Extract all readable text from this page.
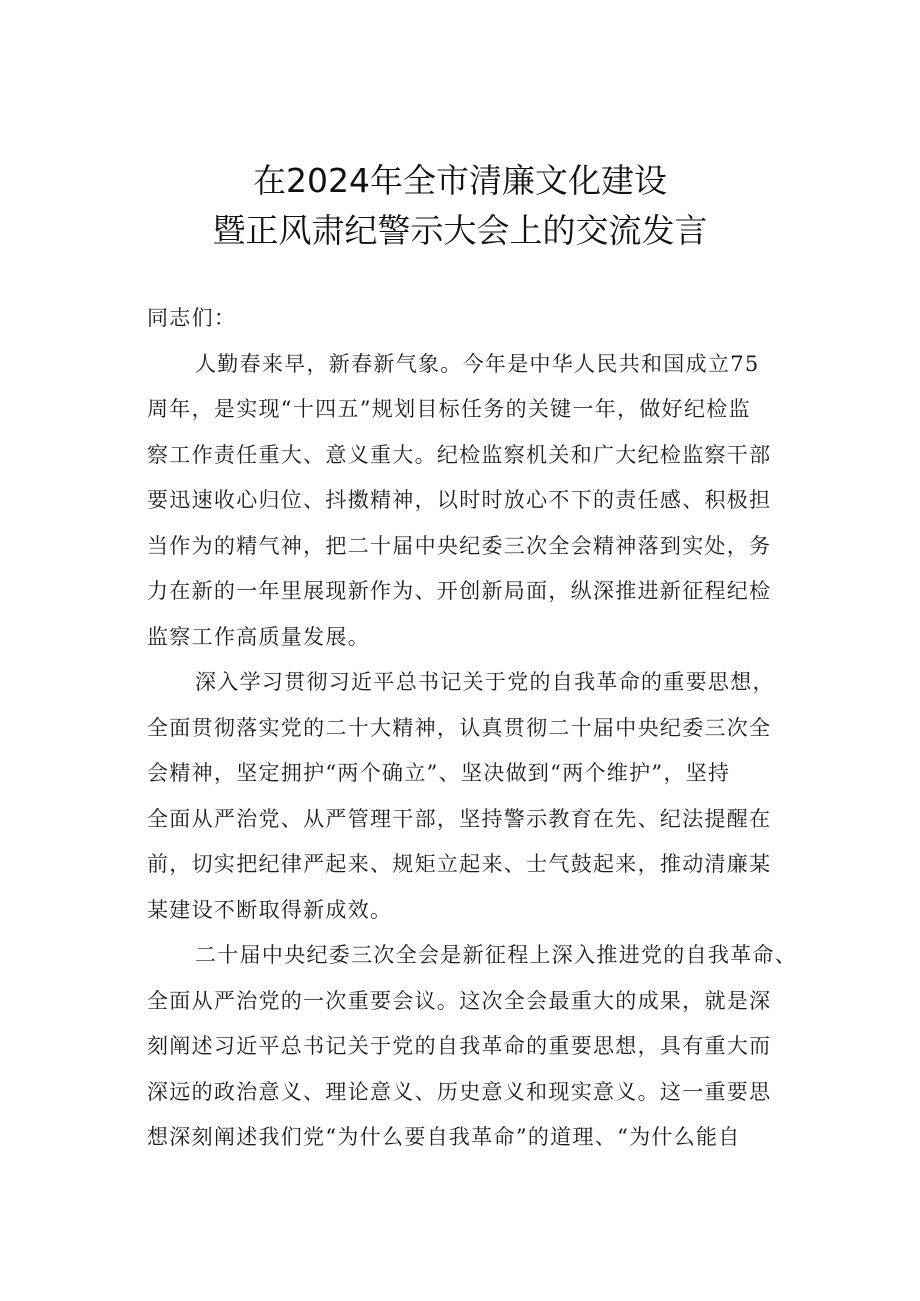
在2024年全市清廉文化建设
暨正风肃纪警示大会上的交流发言
同志们：
人勤春来早，新春新气象。今年是中华人民共和国成立75
周年，是实现“十四五”规划目标任务的关键一年，做好纪检监
察工作责任重大、意义重大。纪检监察机关和广大纪检监察干部
要迅速收心归位、抖擞精神，以时时放心不下的责任感、积极担
当作为的精气神，把二十届中央纪委三次全会精神落到实处，务
力在新的一年里展现新作为、开创新局面，纵深推进新征程纪检
监察工作高质量发展。
深入学习贯彻习近平总书记关于党的自我革命的重要思想，
全面贯彻落实党的二十大精神，认真贯彻二十届中央纪委三次全
会精神，坚定拥护“两个确立”、坚决做到“两个维护”，坚持
全面从严治党、从严管理干部，坚持警示教育在先、纪法提醒在
前，切实把纪律严起来、规矩立起来、士气鼓起来，推动清廉某
某建设不断取得新成效。
二十届中央纪委三次全会是新征程上深入推进党的自我革命、
全面从严治党的一次重要会议。这次全会最重大的成果，就是深
刻阐述习近平总书记关于党的自我革命的重要思想，具有重大而
深远的政治意义、理论意义、历史意义和现实意义。这一重要思
想深刻阐述我们党“为什么要自我革命”的道理、“为什么能自
